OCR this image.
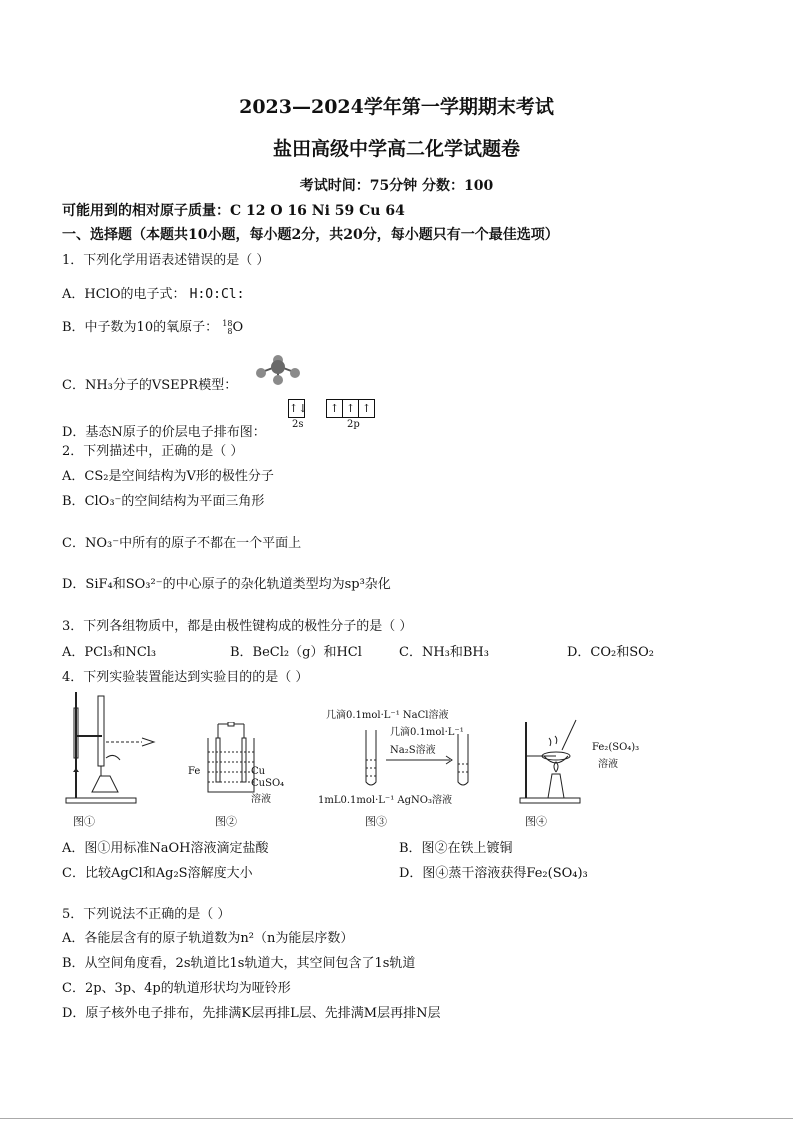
2023—2024学年第一学期期末考试
盐田高级中学高二化学试题卷
考试时间：75分钟 分数：100
可能用到的相对原子质量：C 12 O 16 Ni 59 Cu 64
一、选择题（本题共10小题，每小题2分，共20分，每小题只有一个最佳选项）
1．下列化学用语表述错误的是（ ）
A．HClO的电子式： H:O:Cl:
B．中子数为10的氧原子： 18
8O
C．NH₃分子的VSEPR模型：
D．基态N原子的价层电子排布图：
↑↓	↑ ↑ ↑
2s	2p
2．下列描述中，正确的是（ ）
A．CS₂是空间结构为V形的极性分子
B．ClO₃⁻的空间结构为平面三角形
C．NO₃⁻中所有的原子不都在一个平面上
D．SiF₄和SO₃²⁻的中心原子的杂化轨道类型均为sp³杂化
3．下列各组物质中，都是由极性键构成的极性分子的是（ ）
A．PCl₃和NCl₃	B．BeCl₂（g）和HCl	C．NH₃和BH₃	D．CO₂和SO₂
4．下列实验装置能达到实验目的的是（ ）
图①
Fe	Cu
CuSO₄
溶液
图②
几滴0.1mol·L⁻¹ NaCl溶液
几滴0.1mol·L⁻¹
Na₂S溶液
1mL0.1mol·L⁻¹ AgNO₃溶液
图③
Fe₂(SO₄)₃
溶液
图④
A．图①用标准NaOH溶液滴定盐酸	B．图②在铁上镀铜
C．比较AgCl和Ag₂S溶解度大小	D．图④蒸干溶液获得Fe₂(SO₄)₃
5．下列说法不正确的是（ ）
A．各能层含有的原子轨道数为n²（n为能层序数）
B．从空间角度看，2s轨道比1s轨道大，其空间包含了1s轨道
C．2p、3p、4p的轨道形状均为哑铃形
D．原子核外电子排布，先排满K层再排L层、先排满M层再排N层
